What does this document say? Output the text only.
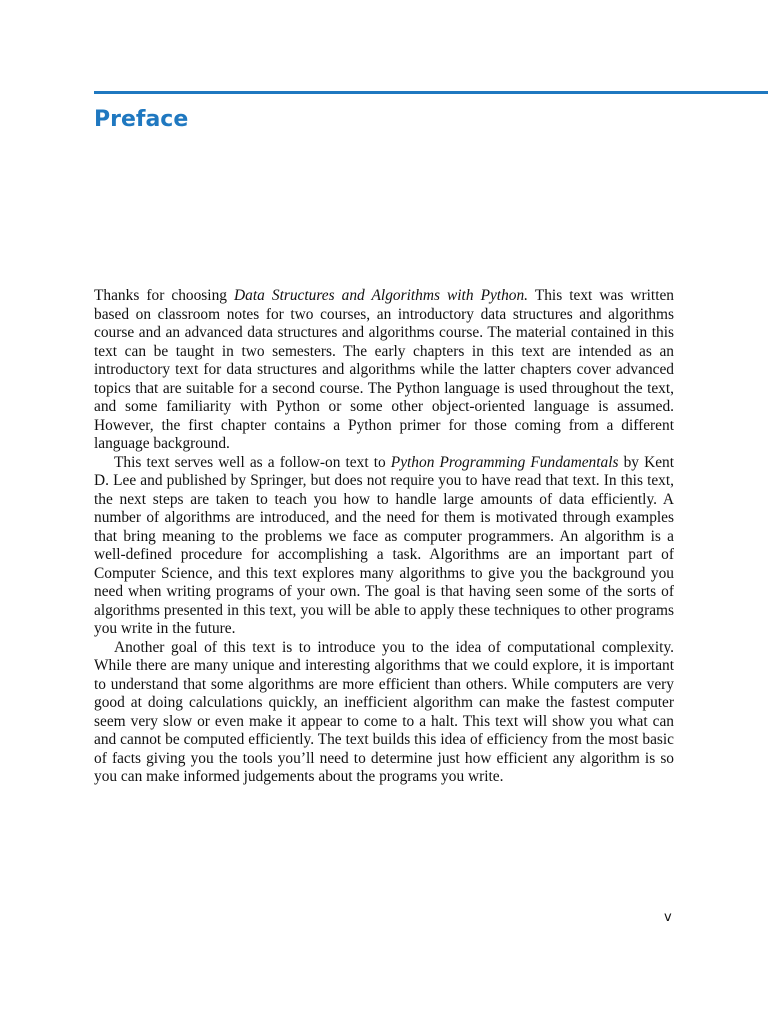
Preface

Thanks for choosing Data Structures and Algorithms with Python. This text was written based on classroom notes for two courses, an introductory data structures and algorithms course and an advanced data structures and algorithms course. The material contained in this text can be taught in two semesters. The early chapters in this text are intended as an introductory text for data structures and algorithms while the latter chapters cover advanced topics that are suitable for a second course. The Python language is used throughout the text, and some familiarity with Python or some other object-oriented language is assumed. However, the first chapter contains a Python primer for those coming from a different language background.

This text serves well as a follow-on text to Python Programming Fundamentals by Kent D. Lee and published by Springer, but does not require you to have read that text. In this text, the next steps are taken to teach you how to handle large amounts of data efficiently. A number of algorithms are introduced, and the need for them is motivated through examples that bring meaning to the problems we face as computer programmers. An algorithm is a well-defined procedure for accomplishing a task. Algorithms are an important part of Computer Science, and this text explores many algorithms to give you the background you need when writing programs of your own. The goal is that having seen some of the sorts of algorithms presented in this text, you will be able to apply these techniques to other programs you write in the future.

Another goal of this text is to introduce you to the idea of computational complexity. While there are many unique and interesting algorithms that we could explore, it is important to understand that some algorithms are more efficient than others. While computers are very good at doing calculations quickly, an inefficient algorithm can make the fastest computer seem very slow or even make it appear to come to a halt. This text will show you what can and cannot be computed efficiently. The text builds this idea of efficiency from the most basic of facts giving you the tools you’ll need to determine just how efficient any algorithm is so you can make informed judgements about the programs you write.

v
